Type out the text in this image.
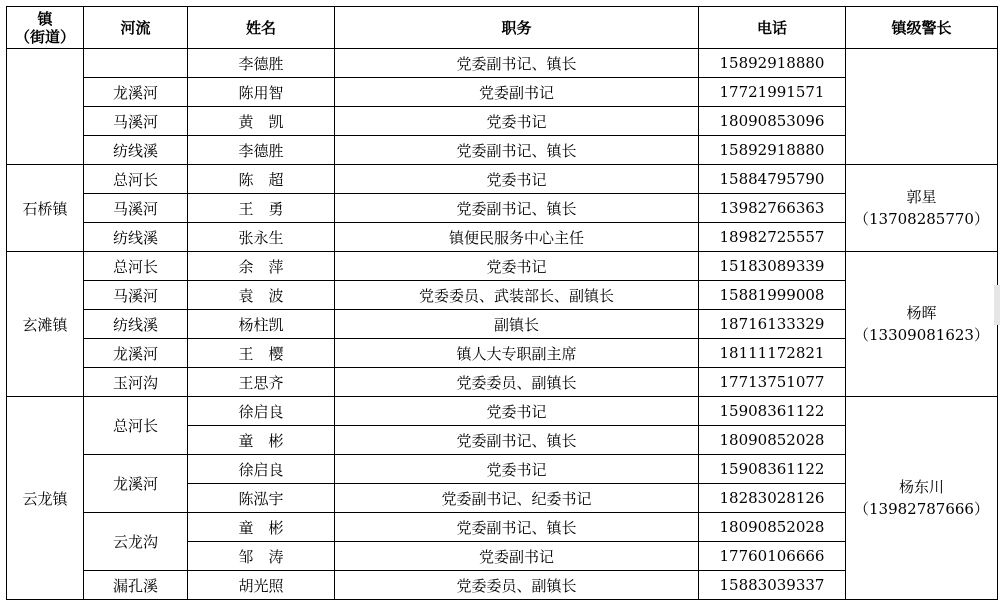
镇
（街道）	河流	姓名	职务	电话	镇级警长
		李德胜	党委副书记、镇长	15892918880	
	龙溪河	陈用智	党委副书记	17721991571	
	马溪河	黄　凯	党委书记	18090853096	
	纺线溪	李德胜	党委副书记、镇长	15892918880	
石桥镇	总河长	陈　超	党委书记	15884795790	郭星
（13708285770）

	马溪河	王　勇	党委副书记、镇长	13982766363	
	纺线溪	张永生	镇便民服务中心主任	18982725557	
玄滩镇	总河长	余　萍	党委书记	15183089339	杨晖
（13309081623）

	马溪河	袁　波	党委委员、武装部长、副镇长	15881999008	
	纺线溪	杨柱凯	副镇长	18716133329	
	龙溪河	王　樱	镇人大专职副主席	18111172821	
	玉河沟	王思齐	党委委员、副镇长	17713751077	
云龙镇	总河长	徐启良	党委书记	15908361122	杨东川
（13982787666）

		童　彬	党委副书记、镇长	18090852028	
	龙溪河	徐启良	党委书记	15908361122	
		陈泓宇	党委副书记、纪委书记	18283028126	
	云龙沟	童　彬	党委副书记、镇长	18090852028	
		邹　涛	党委副书记	17760106666	
	漏孔溪	胡光照	党委委员、副镇长	15883039337	
